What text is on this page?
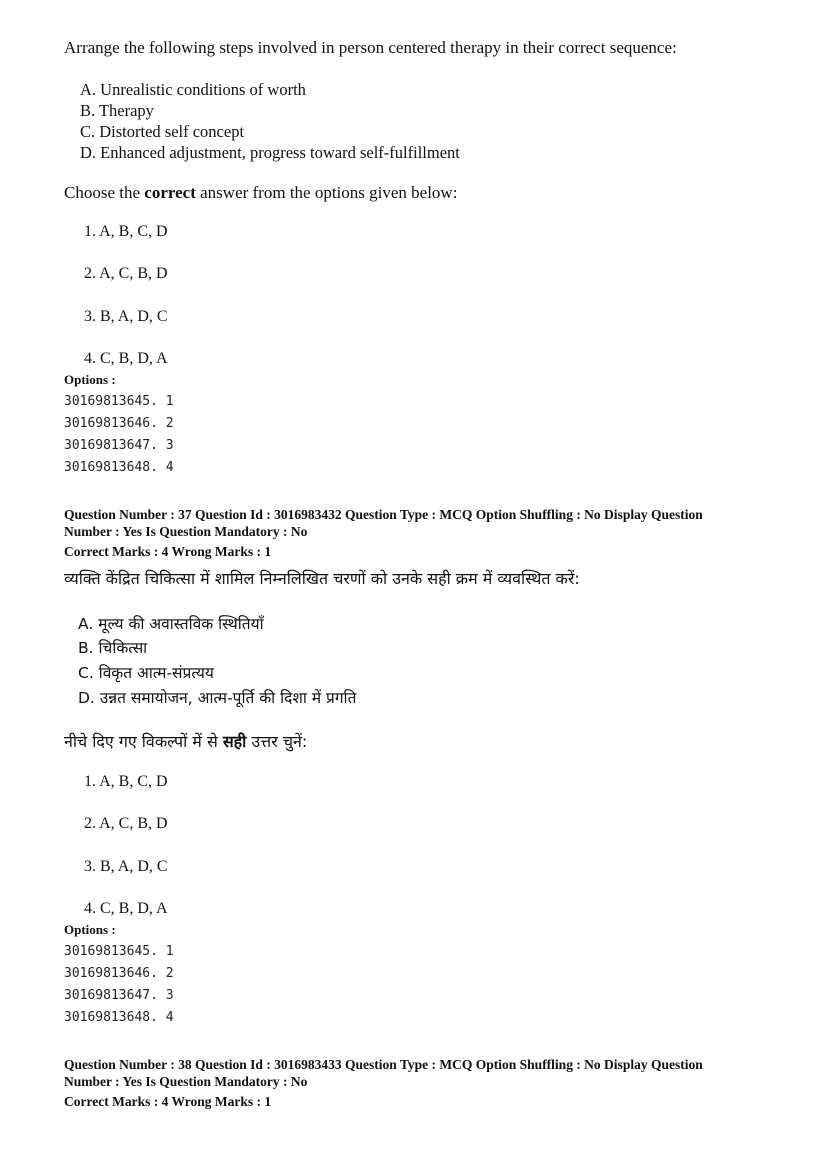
Arrange the following steps involved in person centered therapy in their correct sequence:
A. Unrealistic conditions of worth
B. Therapy
C. Distorted self concept
D. Enhanced adjustment, progress toward self-fulfillment
Choose the correct answer from the options given below:
1. A, B, C, D
2. A, C, B, D
3. B, A, D, C
4. C, B, D, A
Options :
30169813645. 1
30169813646. 2
30169813647. 3
30169813648. 4
Question Number : 37 Question Id : 3016983432 Question Type : MCQ Option Shuffling : No Display Question
Number : Yes Is Question Mandatory : No
Correct Marks : 4 Wrong Marks : 1
व्यक्ति केंद्रित चिकित्सा में शामिल निम्नलिखित चरणों को उनके सही क्रम में व्यवस्थित करें:
A. मूल्य की अवास्तविक स्थितियाँ
B. चिकित्सा
C. विकृत आत्म-संप्रत्यय
D. उन्नत समायोजन, आत्म-पूर्ति की दिशा में प्रगति
नीचे दिए गए विकल्पों में से सही उत्तर चुनें:
1. A, B, C, D
2. A, C, B, D
3. B, A, D, C
4. C, B, D, A
Options :
30169813645. 1
30169813646. 2
30169813647. 3
30169813648. 4
Question Number : 38 Question Id : 3016983433 Question Type : MCQ Option Shuffling : No Display Question
Number : Yes Is Question Mandatory : No
Correct Marks : 4 Wrong Marks : 1
